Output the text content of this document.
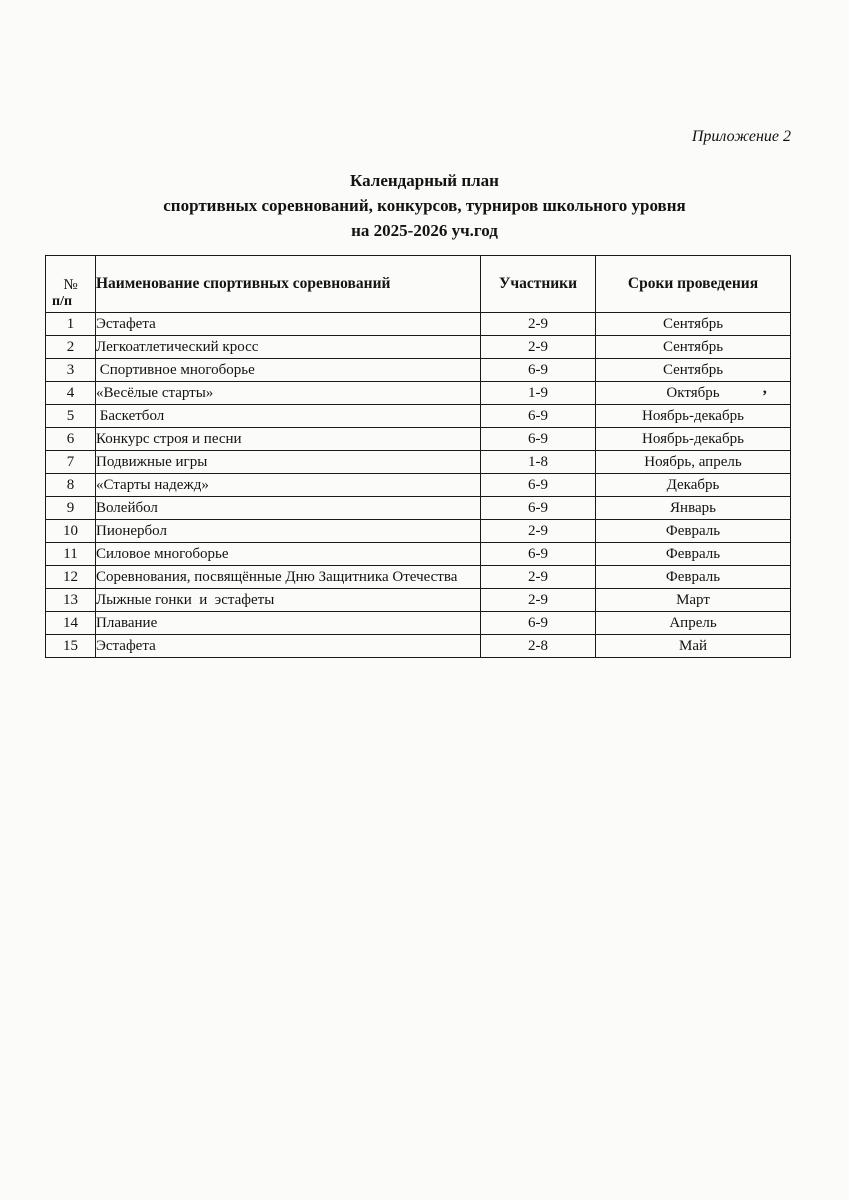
Приложение 2
Календарный план
спортивных соревнований, конкурсов, турниров школьного уровня
на 2025-2026 уч.год
№
п/п	Наименование спортивных соревнований	Участники	Сроки проведения
1	Эстафета	2-9	Сентябрь
2	Легкоатлетический кросс	2-9	Сентябрь
3	Спортивное многоборье	6-9	Сентябрь
4	«Весёлые старты»	1-9	Октябрь
5	Баскетбол	6-9	Ноябрь-декабрь
6	Конкурс строя и песни	6-9	Ноябрь-декабрь
7	Подвижные игры	1-8	Ноябрь, апрель
8	«Старты надежд»	6-9	Декабрь
9	Волейбол	6-9	Январь
10	Пионербол	2-9	Февраль
11	Силовое многоборье	6-9	Февраль
12	Соревнования, посвящённые Дню Защитника Отечества	2-9	Февраль
13	Лыжные гонки  и  эстафеты	2-9	Март
14	Плавание	6-9	Апрель
15	Эстафета	2-8	Май
’
